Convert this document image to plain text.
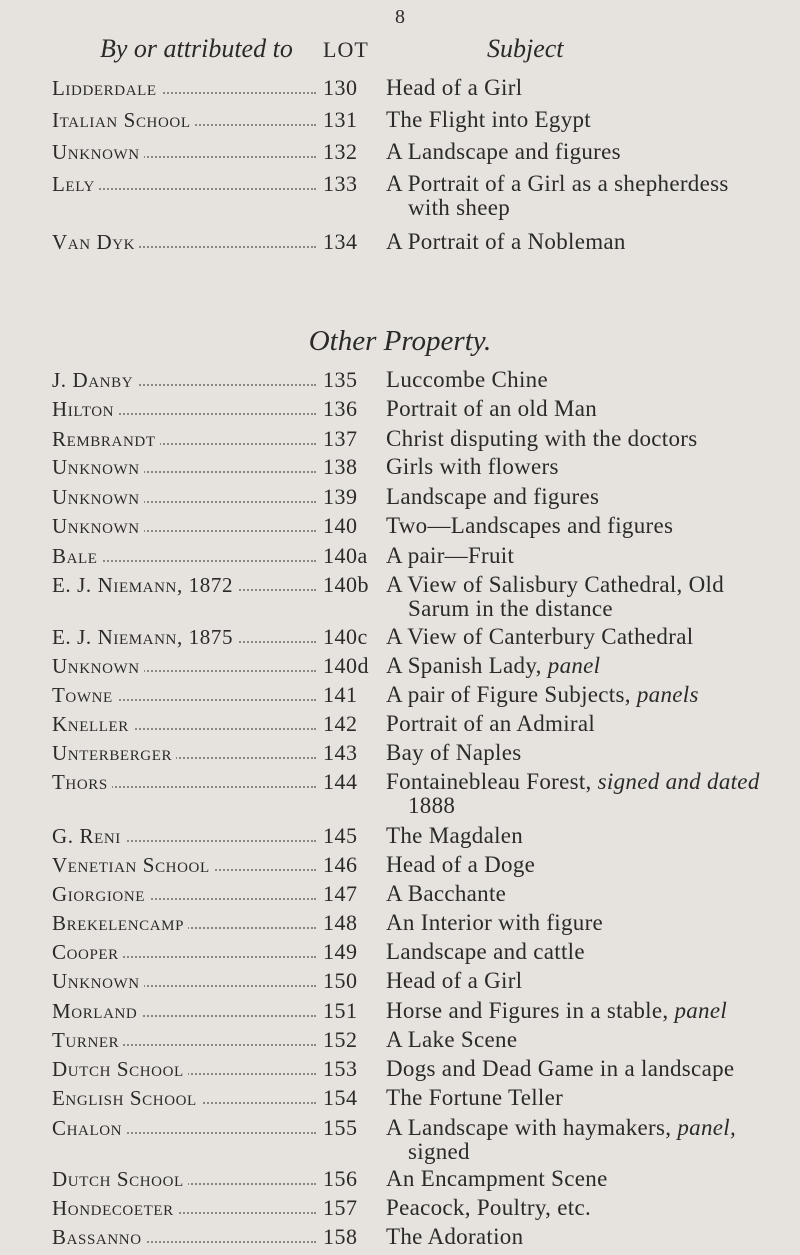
8
By or attributed to LOT	Subject
Lidderdale	130	Head of a Girl
Italian School	131	The Flight into Egypt
Unknown	132	A Landscape and figures
Lely	133	A Portrait of a Girl as a shepherdess
with sheep
Van Dyk	134	A Portrait of a Nobleman
Other Property.
J. Danby	135	Luccombe Chine
Hilton	136	Portrait of an old Man
Rembrandt	137	Christ disputing with the doctors
Unknown	138	Girls with flowers
Unknown	139	Landscape and figures
Unknown	140	Two—Landscapes and figures
Bale	140a A pair—Fruit
E. J. Niemann, 1872	140b A View of Salisbury Cathedral, Old
Sarum in the distance
E. J. Niemann, 1875	140c A View of Canterbury Cathedral
Unknown	140d A Spanish Lady, panel
Towne	141	A pair of Figure Subjects, panels
Kneller	142	Portrait of an Admiral
Unterberger	143	Bay of Naples
Thors	144	Fontainebleau Forest, signed and dated
1888
G. Reni	145	The Magdalen
Venetian School	146	Head of a Doge
Giorgione	147	A Bacchante
Brekelencamp	148	An Interior with figure
Cooper	149	Landscape and cattle
Unknown	150	Head of a Girl
Morland	151	Horse and Figures in a stable, panel
Turner	152	A Lake Scene
Dutch School	153	Dogs and Dead Game in a landscape
English School	154	The Fortune Teller
Chalon	155	A Landscape with haymakers, panel,
signed
Dutch School	156	An Encampment Scene
Hondecoeter	157	Peacock, Poultry, etc.
Bassanno	158	The Adoration
